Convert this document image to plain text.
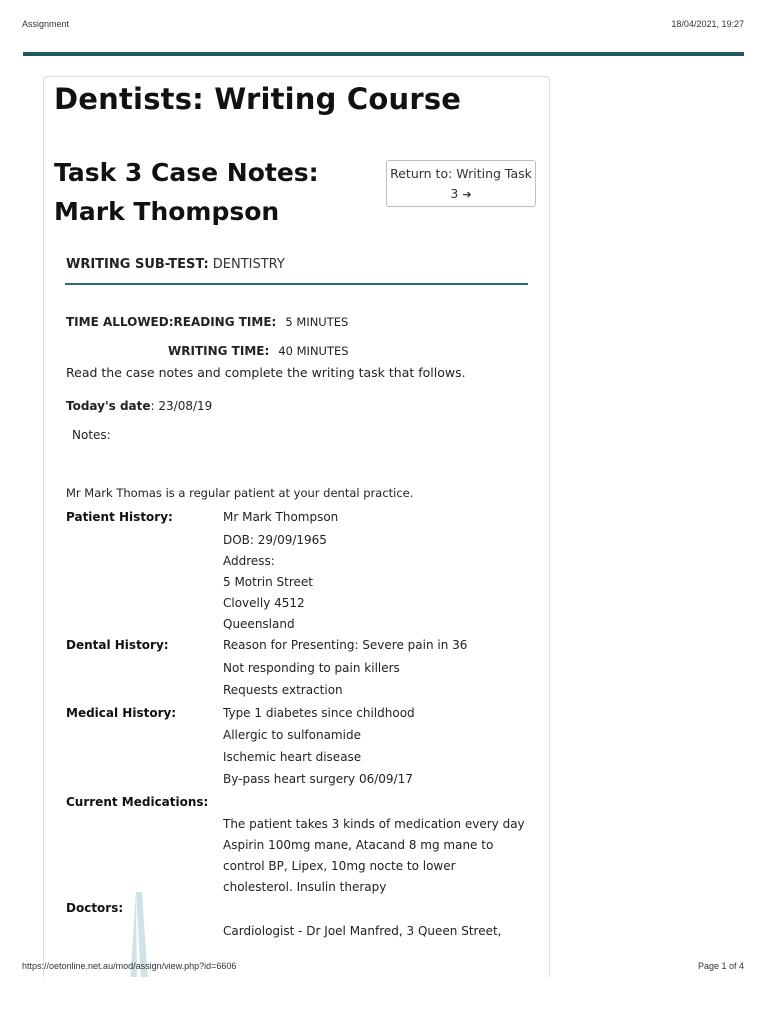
Assignment	18/04/2021, 19:27
Dentists: Writing Course
Task 3 Case Notes: Mark Thompson
Return to: Writing Task 3 ➔
WRITING SUB-TEST: DENTISTRY
TIME ALLOWED:READING TIME: 5 MINUTES
WRITING TIME: 40 MINUTES
Read the case notes and complete the writing task that follows.
Today's date: 23/08/19
Notes:
Mr Mark Thomas is a regular patient at your dental practice.
Patient History:	Mr Mark Thompson
DOB: 29/09/1965
Address:
5 Motrin Street
Clovelly 4512
Queensland
Dental History:	Reason for Presenting: Severe pain in 36
Not responding to pain killers
Requests extraction
Medical History:	Type 1 diabetes since childhood
Allergic to sulfonamide
Ischemic heart disease
By-pass heart surgery 06/09/17
Current Medications:
The patient takes 3 kinds of medication every day
Aspirin 100mg mane, Atacand 8 mg mane to
control BP, Lipex, 10mg nocte to lower
cholesterol. Insulin therapy
Doctors:
Cardiologist - Dr Joel Manfred, 3 Queen Street,
https://oetonline.net.au/mod/assign/view.php?id=6606	Page 1 of 4
